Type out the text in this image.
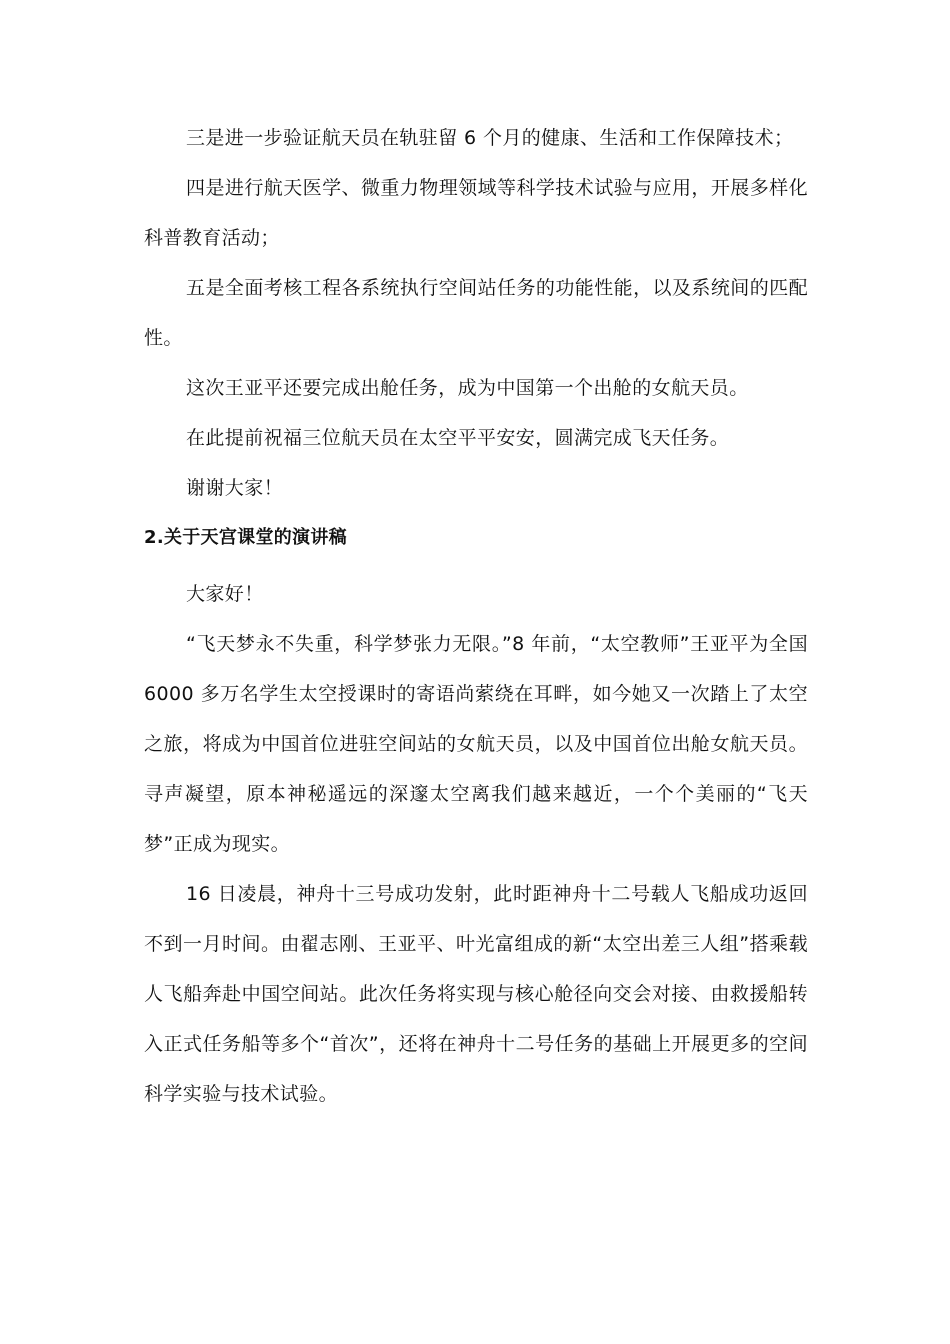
三是进一步验证航天员在轨驻留 6 个月的健康、生活和工作保障技术；

四是进行航天医学、微重力物理领域等科学技术试验与应用，开展多样化科普教育活动；

五是全面考核工程各系统执行空间站任务的功能性能，以及系统间的匹配性。

这次王亚平还要完成出舱任务，成为中国第一个出舱的女航天员。

在此提前祝福三位航天员在太空平平安安，圆满完成飞天任务。

谢谢大家！

2.关于天宫课堂的演讲稿

大家好！

“飞天梦永不失重，科学梦张力无限。”8 年前，“太空教师”王亚平为全国 6000 多万名学生太空授课时的寄语尚萦绕在耳畔，如今她又一次踏上了太空之旅，将成为中国首位进驻空间站的女航天员，以及中国首位出舱女航天员。寻声凝望，原本神秘遥远的深邃太空离我们越来越近，一个个美丽的“飞天梦”正成为现实。

16 日凌晨，神舟十三号成功发射，此时距神舟十二号载人飞船成功返回不到一月时间。由翟志刚、王亚平、叶光富组成的新“太空出差三人组”搭乘载人飞船奔赴中国空间站。此次任务将实现与核心舱径向交会对接、由救援船转入正式任务船等多个“首次”，还将在神舟十二号任务的基础上开展更多的空间科学实验与技术试验。
